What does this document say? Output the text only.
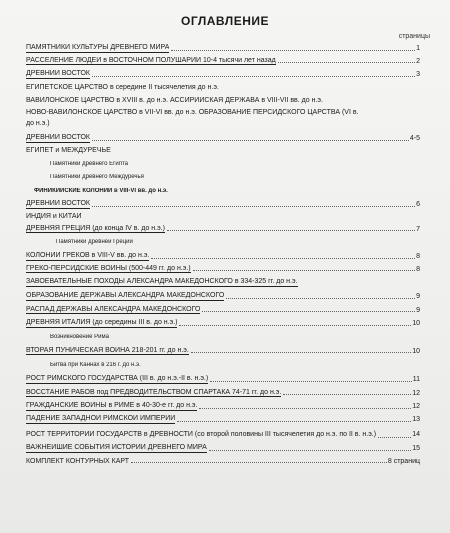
ОГЛАВЛЕНИЕ
страницы
ПАМЯТНИКИ КУЛЬТУРЫ ДРЕВНЕГО МИРА	1
РАССЕЛЕНИЕ ЛЮДЕЙ в ВОСТОЧНОМ ПОЛУШАРИИ 10-4 тысячи лет назад	2
ДРЕВНИЙ ВОСТОК	3
ЕГИПЕТСКОЕ ЦАРСТВО в середине II тысячелетия до н.э.
ВАВИЛОНСКОЕ ЦАРСТВО в XVIII в. до н.э. АССИРИЙСКАЯ ДЕРЖАВА в VIII-VII вв. до н.э.
НОВО-ВАВИЛОНСКОЕ ЦАРСТВО в VII-VI вв. до н.э. ОБРАЗОВАНИЕ ПЕРСИДСКОГО ЦАРСТВА (VI в. до н.э.)
ДРЕВНИЙ ВОСТОК	4-5
ЕГИПЕТ и МЕЖДУРЕЧЬЕ
Памятники древнего Египта
Памятники древнего Междуречья
ФИНИКИЙСКИЕ КОЛОНИИ в VIII-VI вв. до н.э.
ДРЕВНИЙ ВОСТОК	6
ИНДИЯ и КИТАЙ
ДРЕВНЯЯ ГРЕЦИЯ (до конца IV в. до н.э.)	7
Памятники древней Греции
КОЛОНИИ ГРЕКОВ в VIII-V вв. до н.э.	8
ГРЕКО-ПЕРСИДСКИЕ ВОЙНЫ (500-449 гг. до н.э.)	8
ЗАВОЕВАТЕЛЬНЫЕ ПОХОДЫ АЛЕКСАНДРА МАКЕДОНСКОГО в 334-325 гг. до н.э.
ОБРАЗОВАНИЕ ДЕРЖАВЫ АЛЕКСАНДРА МАКЕДОНСКОГО	9
РАСПАД ДЕРЖАВЫ АЛЕКСАНДРА МАКЕДОНСКОГО	9
ДРЕВНЯЯ ИТАЛИЯ (до середины III в. до н.э.)	10
Возникновение Рима
ВТОРАЯ ПУНИЧЕСКАЯ ВОЙНА 218-201 гг. до н.э.	10
Битва при Каннах в 216 г. до н.э.
РОСТ РИМСКОГО ГОСУДАРСТВА (III в. до н.э.-II в. н.э.)	11
ВОССТАНИЕ РАБОВ под ПРЕДВОДИТЕЛЬСТВОМ СПАРТАКА 74-71 гг. до н.э.	12
ГРАЖДАНСКИЕ ВОЙНЫ в РИМЕ в 40-30-е гг. до н.э.	12
ПАДЕНИЕ ЗАПАДНОЙ РИМСКОЙ ИМПЕРИИ	13
РОСТ ТЕРРИТОРИИ ГОСУДАРСТВ в ДРЕВНОСТИ (со второй половины III тысячелетия до н.э. по II в. н.э.)	14
ВАЖНЕЙШИЕ СОБЫТИЯ ИСТОРИИ ДРЕВНЕГО МИРА	15
КОМПЛЕКТ КОНТУРНЫХ КАРТ	8 страниц
